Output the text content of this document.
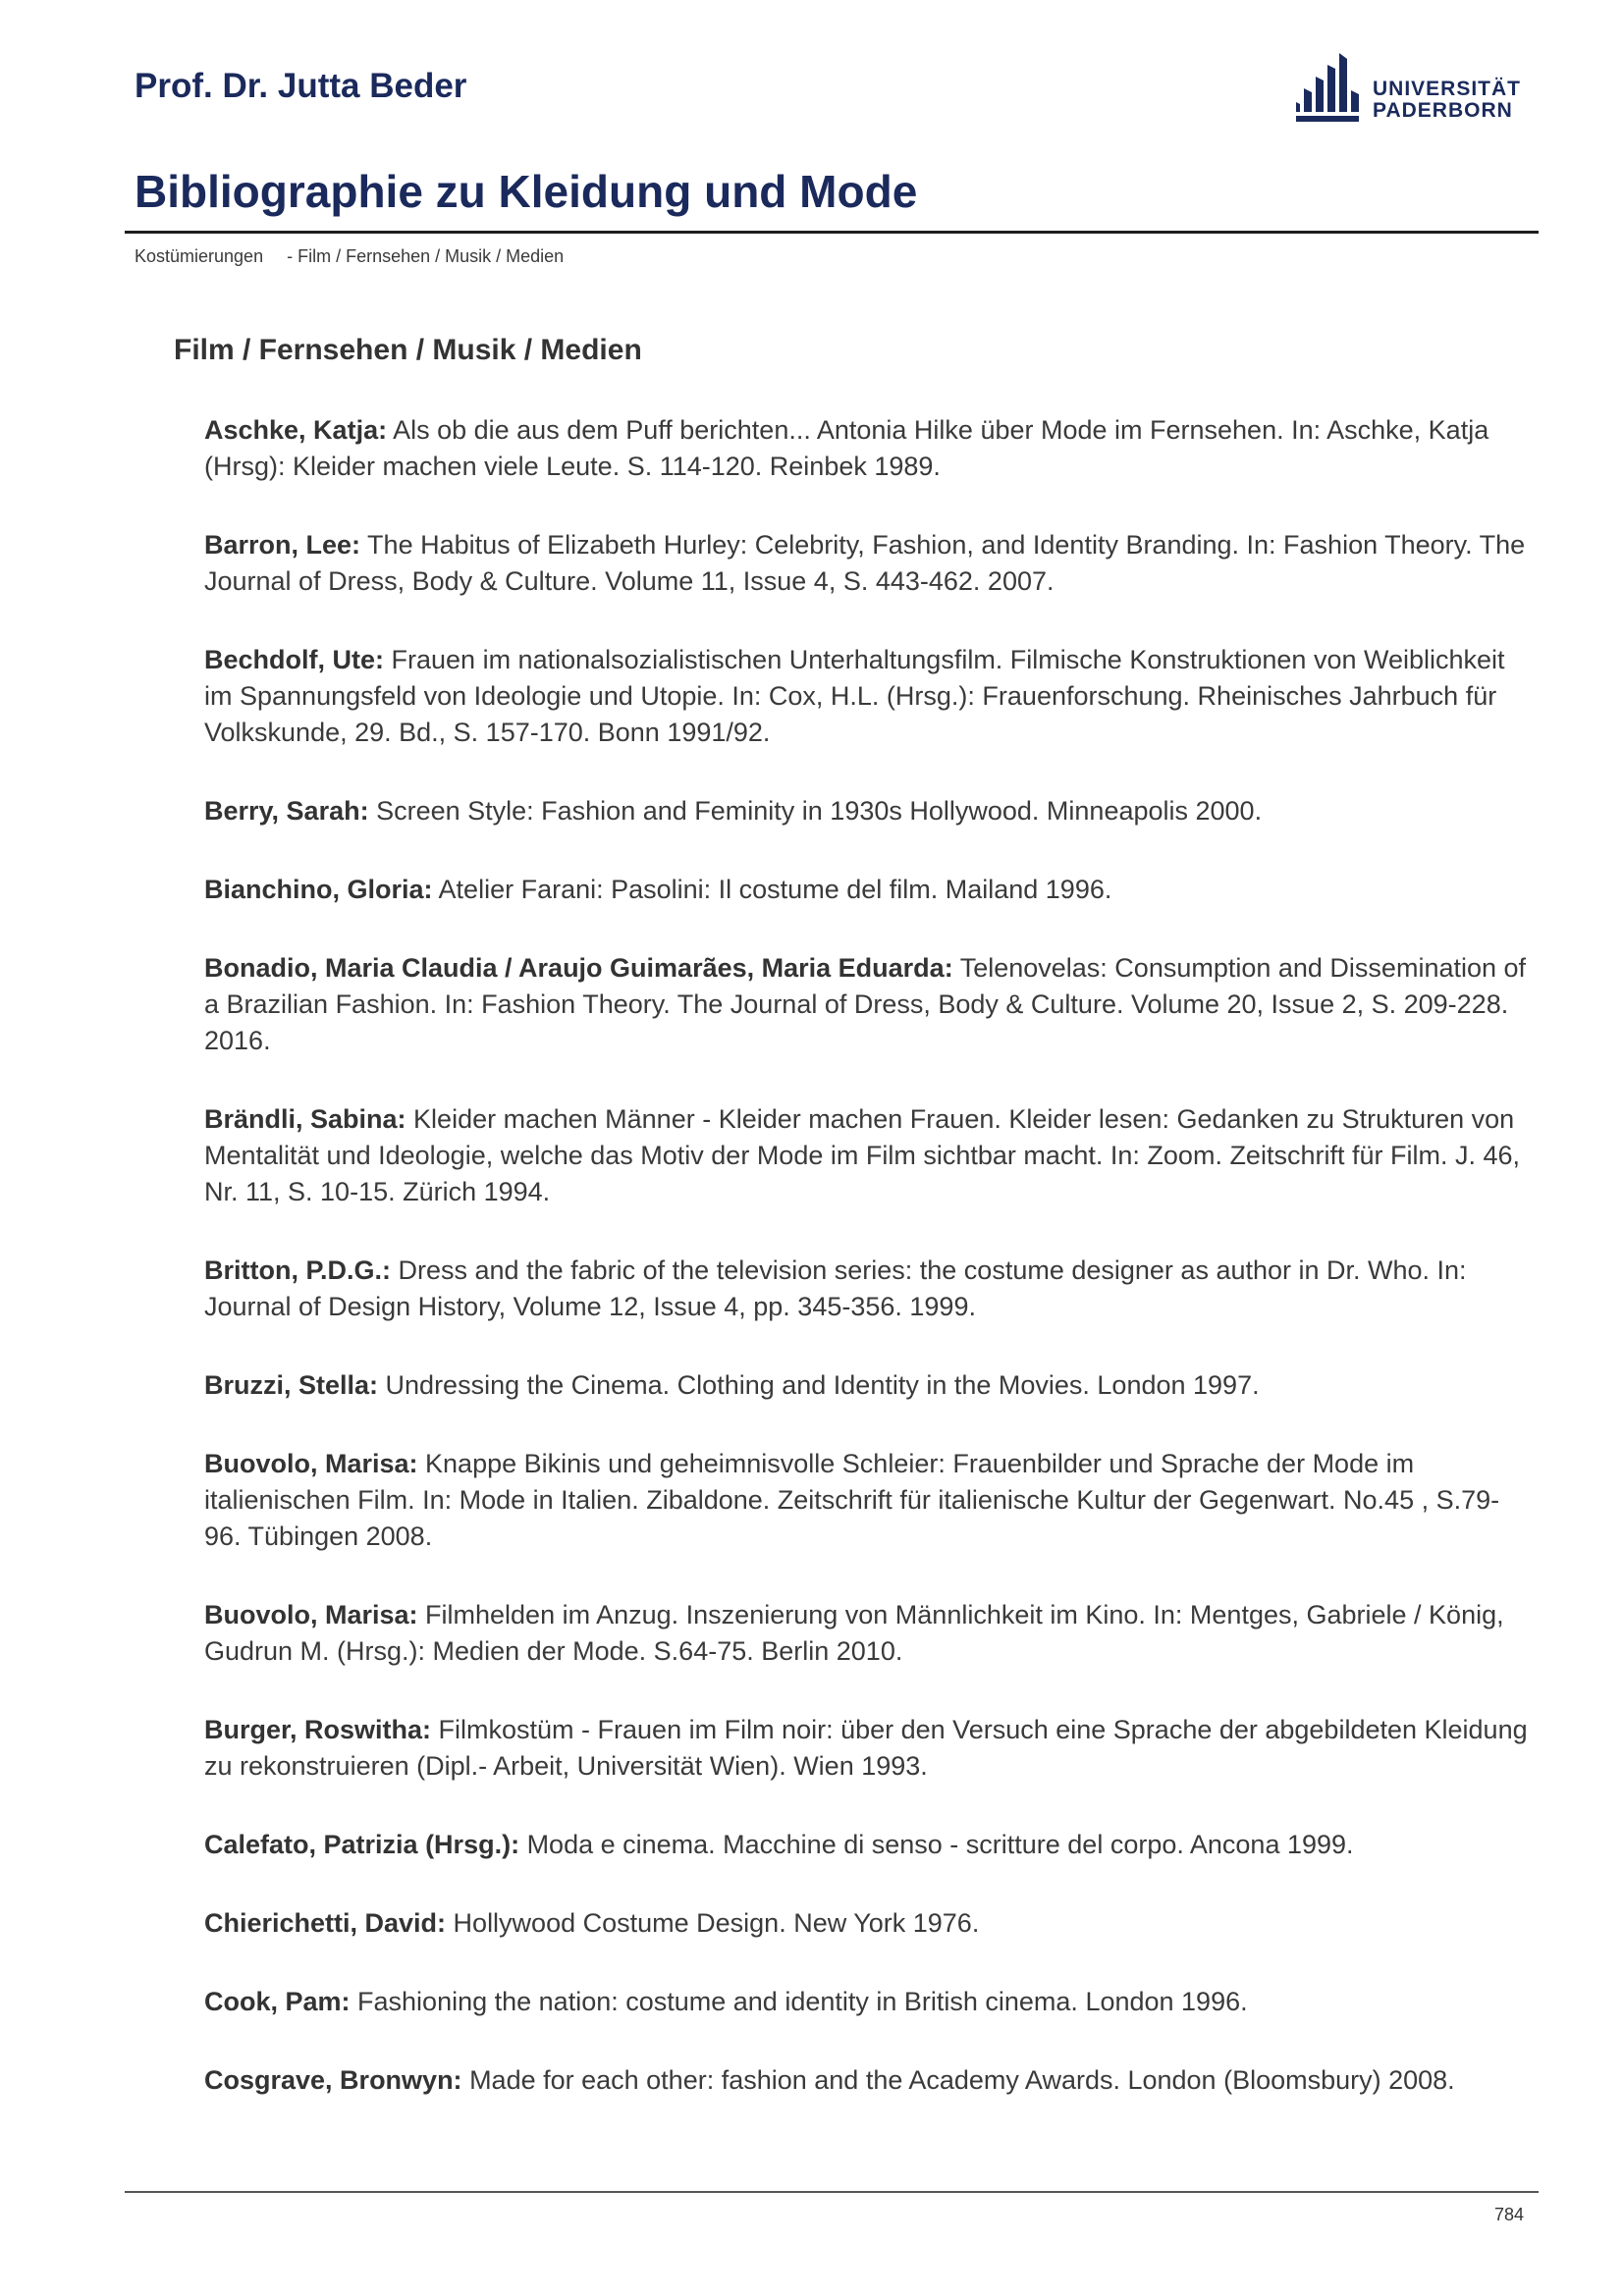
Prof. Dr. Jutta Beder	UNIVERSITÄT
PADERBORN
Bibliographie zu Kleidung und Mode
Kostümierungen - Film / Fernsehen / Musik / Medien
Film / Fernsehen / Musik / Medien
Aschke, Katja: Als ob die aus dem Puff berichten... Antonia Hilke über Mode im Fernsehen. In: Aschke, Katja (Hrsg): Kleider machen viele Leute. S. 114-120. Reinbek 1989.
Barron, Lee: The Habitus of Elizabeth Hurley: Celebrity, Fashion, and Identity Branding. In: Fashion Theory. The Journal of Dress, Body & Culture. Volume 11, Issue 4, S. 443-462. 2007.
Bechdolf, Ute: Frauen im nationalsozialistischen Unterhaltungsfilm. Filmische Konstruktionen von Weiblichkeit im Spannungsfeld von Ideologie und Utopie. In: Cox, H.L. (Hrsg.): Frauenforschung. Rheinisches Jahrbuch für Volkskunde, 29. Bd., S. 157-170. Bonn 1991/92.
Berry, Sarah: Screen Style: Fashion and Feminity in 1930s Hollywood. Minneapolis 2000.
Bianchino, Gloria: Atelier Farani: Pasolini: Il costume del film. Mailand 1996.
Bonadio, Maria Claudia / Araujo Guimarães, Maria Eduarda: Telenovelas: Consumption and Dissemination of a Brazilian Fashion. In: Fashion Theory. The Journal of Dress, Body & Culture. Volume 20, Issue 2, S. 209-228. 2016.
Brändli, Sabina: Kleider machen Männer - Kleider machen Frauen. Kleider lesen: Gedanken zu Strukturen von Mentalität und Ideologie, welche das Motiv der Mode im Film sichtbar macht. In: Zoom. Zeitschrift für Film. J. 46, Nr. 11, S. 10-15. Zürich 1994.
Britton, P.D.G.: Dress and the fabric of the television series: the costume designer as author in Dr. Who. In: Journal of Design History, Volume 12, Issue 4, pp. 345-356. 1999.
Bruzzi, Stella: Undressing the Cinema. Clothing and Identity in the Movies. London 1997.
Buovolo, Marisa: Knappe Bikinis und geheimnisvolle Schleier: Frauenbilder und Sprache der Mode im italienischen Film. In: Mode in Italien. Zibaldone. Zeitschrift für italienische Kultur der Gegenwart. No.45 , S.79-96. Tübingen 2008.
Buovolo, Marisa: Filmhelden im Anzug. Inszenierung von Männlichkeit im Kino. In: Mentges, Gabriele / König, Gudrun M. (Hrsg.): Medien der Mode. S.64-75. Berlin 2010.
Burger, Roswitha: Filmkostüm - Frauen im Film noir: über den Versuch eine Sprache der abgebildeten Kleidung zu rekonstruieren (Dipl.- Arbeit, Universität Wien). Wien 1993.
Calefato, Patrizia (Hrsg.): Moda e cinema. Macchine di senso - scritture del corpo. Ancona 1999.
Chierichetti, David: Hollywood Costume Design. New York 1976.
Cook, Pam: Fashioning the nation: costume and identity in British cinema. London 1996.
Cosgrave, Bronwyn: Made for each other: fashion and the Academy Awards. London (Bloomsbury) 2008.
784
